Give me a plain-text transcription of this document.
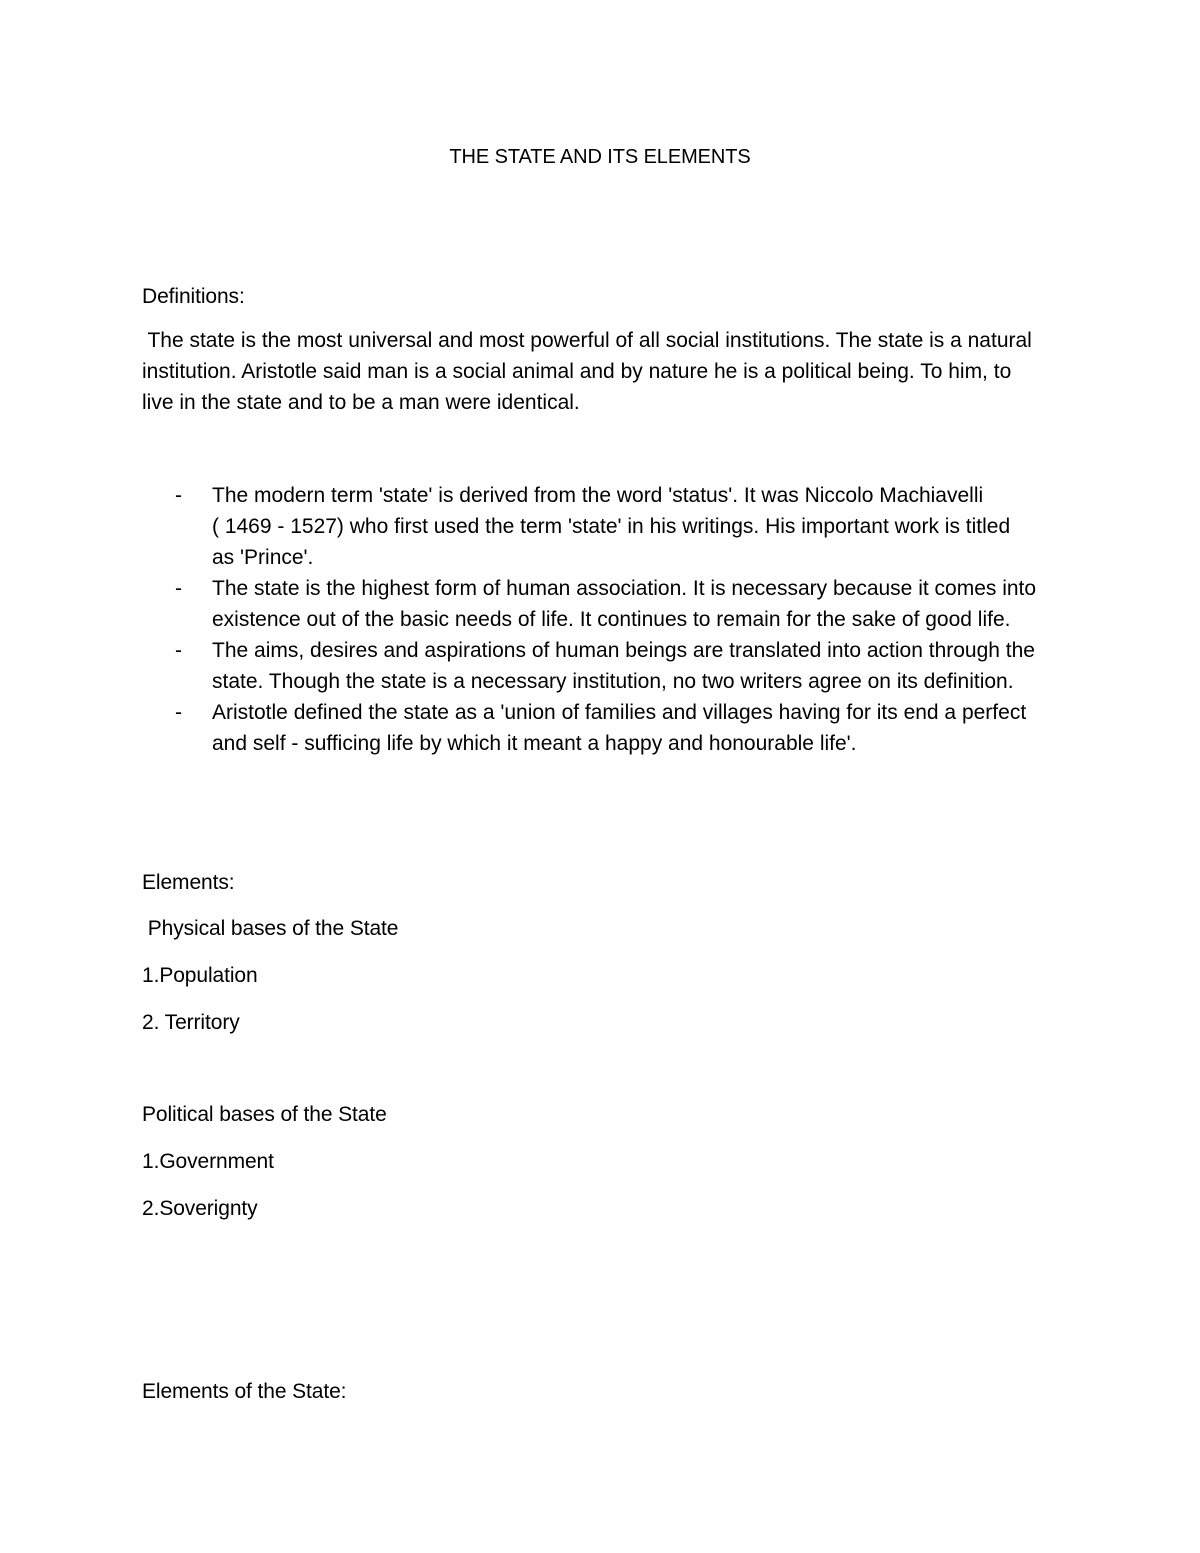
THE STATE AND ITS ELEMENTS
Definitions:
The state is the most universal and most powerful of all social institutions. The state is a natural
institution. Aristotle said man is a social animal and by nature he is a political being. To him, to
live in the state and to be a man were identical.
- The modern term 'state' is derived from the word 'status'. It was Niccolo Machiavelli
( 1469 - 1527) who first used the term 'state' in his writings. His important work is titled
as 'Prince'.
- The state is the highest form of human association. It is necessary because it comes into
existence out of the basic needs of life. It continues to remain for the sake of good life.
- The aims, desires and aspirations of human beings are translated into action through the
state. Though the state is a necessary institution, no two writers agree on its definition.
- Aristotle defined the state as a 'union of families and villages having for its end a perfect
and self - sufficing life by which it meant a happy and honourable life'.
Elements:
Physical bases of the State
1.Population
2. Territory
Political bases of the State
1.Government
2.Soverignty
Elements of the State:
